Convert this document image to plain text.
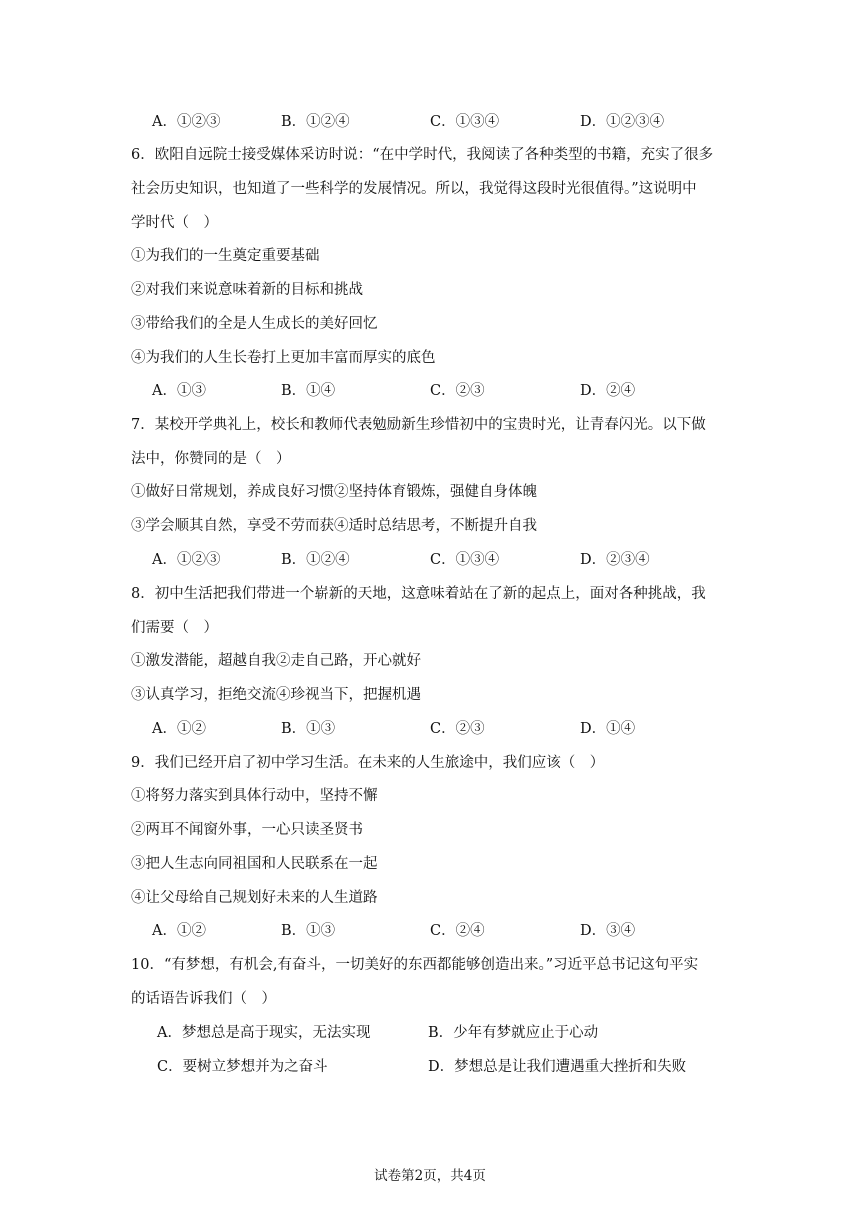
A．①②③	B．①②④	C．①③④	D．①②③④
6．欧阳自远院士接受媒体采访时说：“在中学时代，我阅读了各种类型的书籍，充实了很多
社会历史知识，也知道了一些科学的发展情况。所以，我觉得这段时光很值得。”这说明中
学时代（　）
①为我们的一生奠定重要基础
②对我们来说意味着新的目标和挑战
③带给我们的全是人生成长的美好回忆
④为我们的人生长卷打上更加丰富而厚实的底色
A．①③	B．①④	C．②③	D．②④
7．某校开学典礼上，校长和教师代表勉励新生珍惜初中的宝贵时光，让青春闪光。以下做
法中，你赞同的是（　）
①做好日常规划，养成良好习惯②坚持体育锻炼，强健自身体魄
③学会顺其自然，享受不劳而获④适时总结思考，不断提升自我
A．①②③	B．①②④	C．①③④	D．②③④
8．初中生活把我们带进一个崭新的天地，这意味着站在了新的起点上，面对各种挑战，我
们需要（　）
①激发潜能，超越自我②走自己路，开心就好
③认真学习，拒绝交流④珍视当下，把握机遇
A．①②	B．①③	C．②③	D．①④
9．我们已经开启了初中学习生活。在未来的人生旅途中，我们应该（　）
①将努力落实到具体行动中，坚持不懈
②两耳不闻窗外事，一心只读圣贤书
③把人生志向同祖国和人民联系在一起
④让父母给自己规划好未来的人生道路
A．①②	B．①③	C．②④	D．③④
10．“有梦想，有机会,有奋斗，一切美好的东西都能够创造出来。”习近平总书记这句平实
的话语告诉我们（　）
A．梦想总是高于现实，无法实现	B．少年有梦就应止于心动
C．要树立梦想并为之奋斗	D．梦想总是让我们遭遇重大挫折和失败
试卷第2页，共4页
